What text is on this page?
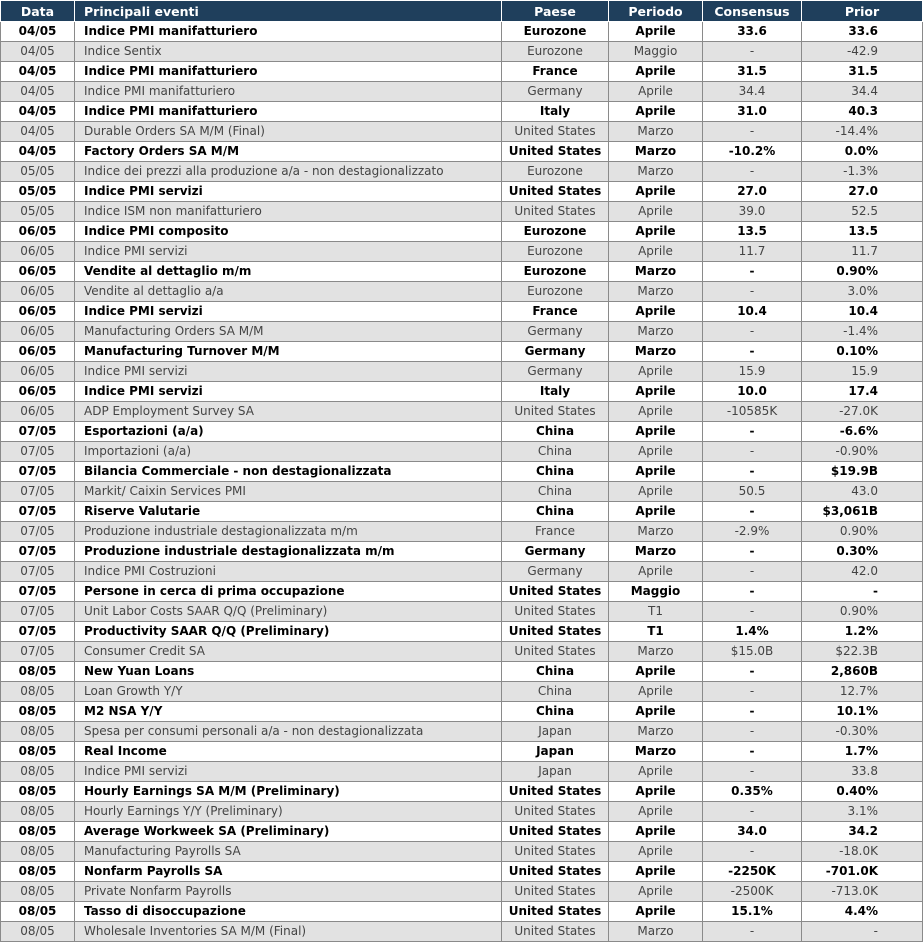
Data	Principali eventi	Paese	Periodo	Consensus	Prior
04/05	Indice PMI manifatturiero	Eurozone	Aprile	33.6	33.6
04/05	Indice Sentix	Eurozone	Maggio	-	-42.9
04/05	Indice PMI manifatturiero	France	Aprile	31.5	31.5
04/05	Indice PMI manifatturiero	Germany	Aprile	34.4	34.4
04/05	Indice PMI manifatturiero	Italy	Aprile	31.0	40.3
04/05	Durable Orders SA M/M (Final)	United States	Marzo	-	-14.4%
04/05	Factory Orders SA M/M	United States	Marzo	-10.2%	0.0%
05/05	Indice dei prezzi alla produzione a/a - non destagionalizzato	Eurozone	Marzo	-	-1.3%
05/05	Indice PMI servizi	United States	Aprile	27.0	27.0
05/05	Indice ISM non manifatturiero	United States	Aprile	39.0	52.5
06/05	Indice PMI composito	Eurozone	Aprile	13.5	13.5
06/05	Indice PMI servizi	Eurozone	Aprile	11.7	11.7
06/05	Vendite al dettaglio m/m	Eurozone	Marzo	-	0.90%
06/05	Vendite al dettaglio a/a	Eurozone	Marzo	-	3.0%
06/05	Indice PMI servizi	France	Aprile	10.4	10.4
06/05	Manufacturing Orders SA M/M	Germany	Marzo	-	-1.4%
06/05	Manufacturing Turnover M/M	Germany	Marzo	-	0.10%
06/05	Indice PMI servizi	Germany	Aprile	15.9	15.9
06/05	Indice PMI servizi	Italy	Aprile	10.0	17.4
06/05	ADP Employment Survey SA	United States	Aprile	-10585K	-27.0K
07/05	Esportazioni (a/a)	China	Aprile	-	-6.6%
07/05	Importazioni (a/a)	China	Aprile	-	-0.90%
07/05	Bilancia Commerciale - non destagionalizzata	China	Aprile	-	$19.9B
07/05	Markit/ Caixin Services PMI	China	Aprile	50.5	43.0
07/05	Riserve Valutarie	China	Aprile	-	$3,061B
07/05	Produzione industriale destagionalizzata m/m	France	Marzo	-2.9%	0.90%
07/05	Produzione industriale destagionalizzata m/m	Germany	Marzo	-	0.30%
07/05	Indice PMI Costruzioni	Germany	Aprile	-	42.0
07/05	Persone in cerca di prima occupazione	United States	Maggio	-	-
07/05	Unit Labor Costs SAAR Q/Q (Preliminary)	United States	T1	-	0.90%
07/05	Productivity SAAR Q/Q (Preliminary)	United States	T1	1.4%	1.2%
07/05	Consumer Credit SA	United States	Marzo	$15.0B	$22.3B
08/05	New Yuan Loans	China	Aprile	-	2,860B
08/05	Loan Growth Y/Y	China	Aprile	-	12.7%
08/05	M2 NSA Y/Y	China	Aprile	-	10.1%
08/05	Spesa per consumi personali a/a - non destagionalizzata	Japan	Marzo	-	-0.30%
08/05	Real Income	Japan	Marzo	-	1.7%
08/05	Indice PMI servizi	Japan	Aprile	-	33.8
08/05	Hourly Earnings SA M/M (Preliminary)	United States	Aprile	0.35%	0.40%
08/05	Hourly Earnings Y/Y (Preliminary)	United States	Aprile	-	3.1%
08/05	Average Workweek SA (Preliminary)	United States	Aprile	34.0	34.2
08/05	Manufacturing Payrolls SA	United States	Aprile	-	-18.0K
08/05	Nonfarm Payrolls SA	United States	Aprile	-2250K	-701.0K
08/05	Private Nonfarm Payrolls	United States	Aprile	-2500K	-713.0K
08/05	Tasso di disoccupazione	United States	Aprile	15.1%	4.4%
08/05	Wholesale Inventories SA M/M (Final)	United States	Marzo	-	-
